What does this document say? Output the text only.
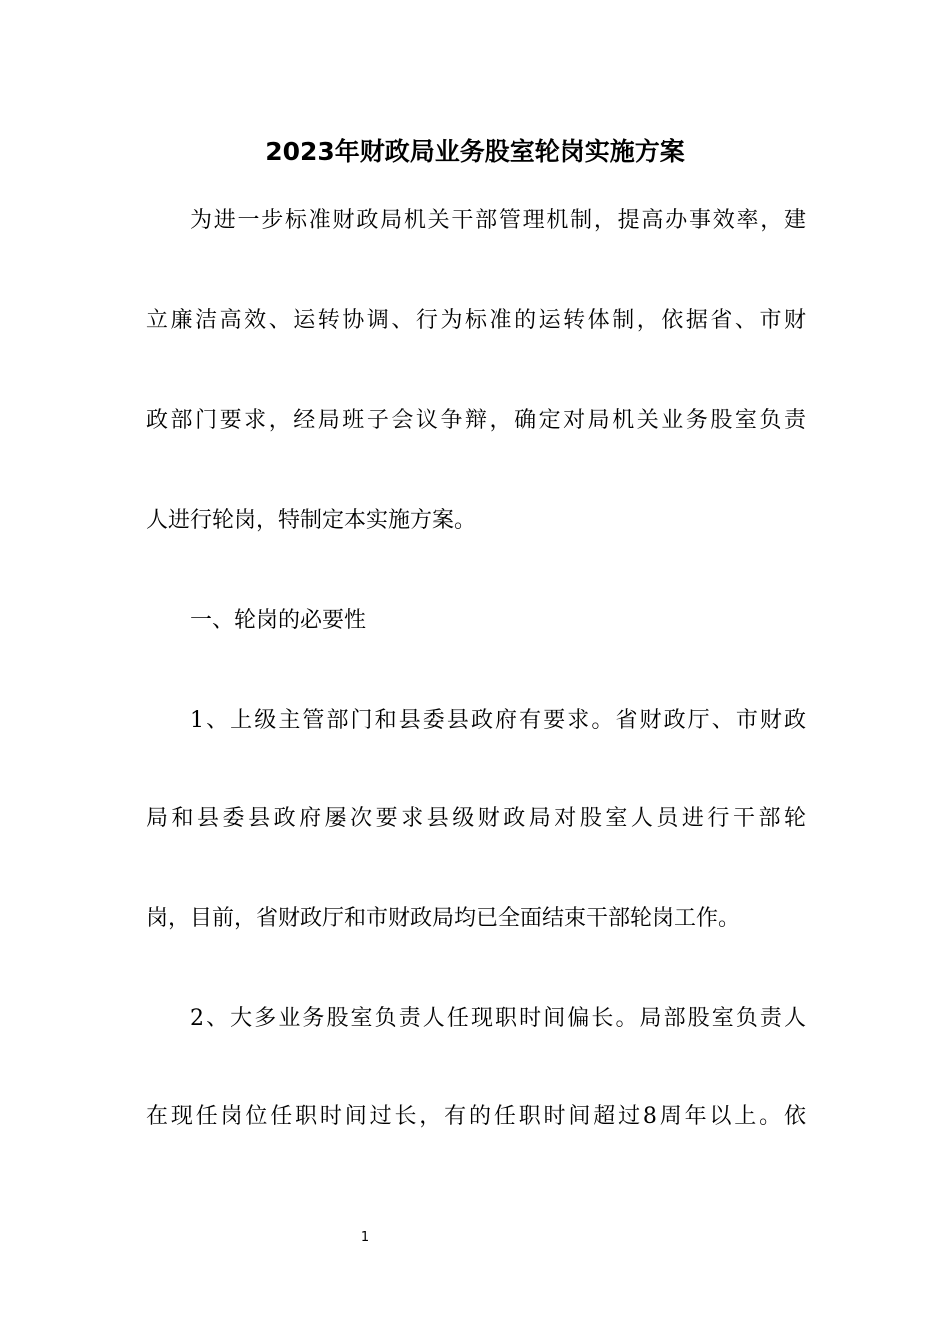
2023年财政局业务股室轮岗实施方案

为进一步标准财政局机关干部管理机制，提高办事效率，建

立廉洁高效、运转协调、行为标准的运转体制，依据省、市财

政部门要求，经局班子会议争辩，确定对局机关业务股室负责

人进行轮岗，特制定本实施方案。

一、轮岗的必要性

1、上级主管部门和县委县政府有要求。省财政厅、市财政

局和县委县政府屡次要求县级财政局对股室人员进行干部轮

岗，目前，省财政厅和市财政局均已全面结束干部轮岗工作。

2、大多业务股室负责人任现职时间偏长。局部股室负责人

在现任岗位任职时间过长，有的任职时间超过8周年以上。依

1
